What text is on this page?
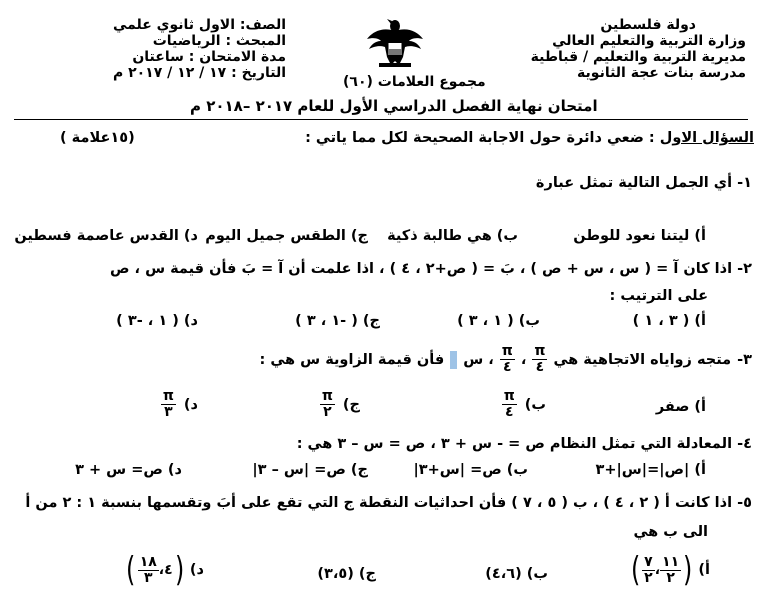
دولة فلسطين
وزارة التربية والتعليم العالي
مديرية التربية والتعليم / قباطية
مدرسة بنات عجة الثانوية
الصف: الاول ثانوي علمي
المبحث : الرياضيات
مدة الامتحان : ساعتان
التاريخ : ١٧ / ١٢ / ٢٠١٧ م
مجموع العلامات (٦٠)
امتحان نهاية الفصل الدراسي الأول للعام ٢٠١٧ –٢٠١٨ م
السؤال الاول : ضعي دائرة حول الاجابة الصحيحة لكل مما ياتي :
(١٥علامة )
١- أي الجمل التالية تمثل عبارة
أ) ليتنا نعود للوطن
ب) هي طالبة ذكية
ج) الطقس جميل اليوم
د) القدس عاصمة فسطين
٢- اذا كان آ = ( س ، س + ص ) ، بَ = ( ص+٢ ، ٤ ) ، اذا علمت أن آ = بَ فأن قيمة س ، ص
على الترتيب :
أ) ( ٣ ، ١ )
ب) ( ١ ، ٣ )
ج) ( -١ ، ٣ )
د) ( ١ ، -٣ )
٣-
متجه زواياه الاتجاهية هي
$\frac{\pi}{٤}$
،
$\frac{\pi}{٤}$
، س
فأن قيمة الزاوية س هي :
أ) صفر
ب)
$\frac{\pi}{٤}$
ج)
$\frac{\pi}{٢}$
د)
$\frac{\pi}{٣}$
٤- المعادلة التي تمثل النظام ص = - س + ٣ ، ص = س – ٣ هي :
أ) |ص|=|س|+٣
ب) ص= |س+٣|
ج) ص= |س – ٣|
د) ص= س + ٣
٥- اذا كانت أ ( ٢ ، ٤ ) ، ب ( ٥ ، ٧ ) فأن احداثيات النقطة ج التي تقع على أبَ وتقسمها بنسبة ١ : ٢ من أ
الى ب هي
أ)
(
$\frac{١١}{٢}$
،
$\frac{٧}{٢}$
)
ب) (٤،٦)
ج) (٣،٥)
د)
(
٤،
$\frac{١٨}{٣}$
)
